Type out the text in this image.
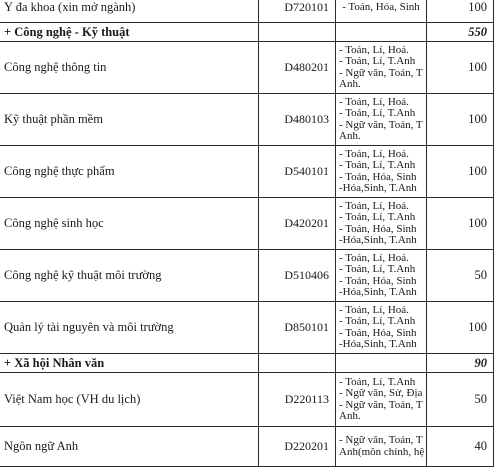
Y đa khoa (xin mở ngành)	D720101	- Toán, Hóa, Sinh	100
+ Công nghệ - Kỹ thuật			550
Công nghệ thông tin	D480201	- Toán, Lí, Hoá.
- Toán, Lí, T.Anh
- Ngữ văn, Toán, T
Anh.	100
Kỹ thuật phần mềm	D480103	- Toán, Lí, Hoá.
- Toán, Lí, T.Anh
- Ngữ văn, Toán, T
Anh.	100
Công nghệ thực phẩm	D540101	- Toán, Lí, Hoá.
- Toán, Lí, T.Anh
- Toán, Hóa, Sinh
-Hóa,Sinh, T.Anh	100
Công nghệ sinh học	D420201	- Toán, Lí, Hoá.
- Toán, Lí, T.Anh
- Toán, Hóa, Sinh
-Hóa,Sinh, T.Anh	100
Công nghệ kỹ thuật môi trường	D510406	- Toán, Lí, Hoá.
- Toán, Lí, T.Anh
- Toán, Hóa, Sinh
-Hóa,Sinh, T.Anh	50
Quản lý tài nguyên và môi trường	D850101	- Toán, Lí, Hoá.
- Toán, Lí, T.Anh
- Toán, Hóa, Sinh
-Hóa,Sinh, T.Anh	100
+ Xã hội Nhân văn			90
Việt Nam học (VH du lịch)	D220113	- Toán, Lí, T.Anh
- Ngữ văn, Sử, Địa
- Ngữ văn, Toán, T
Anh.	50
Ngôn ngữ Anh	D220201	- Ngữ văn, Toán, T
Anh(môn chính, hệ	40
